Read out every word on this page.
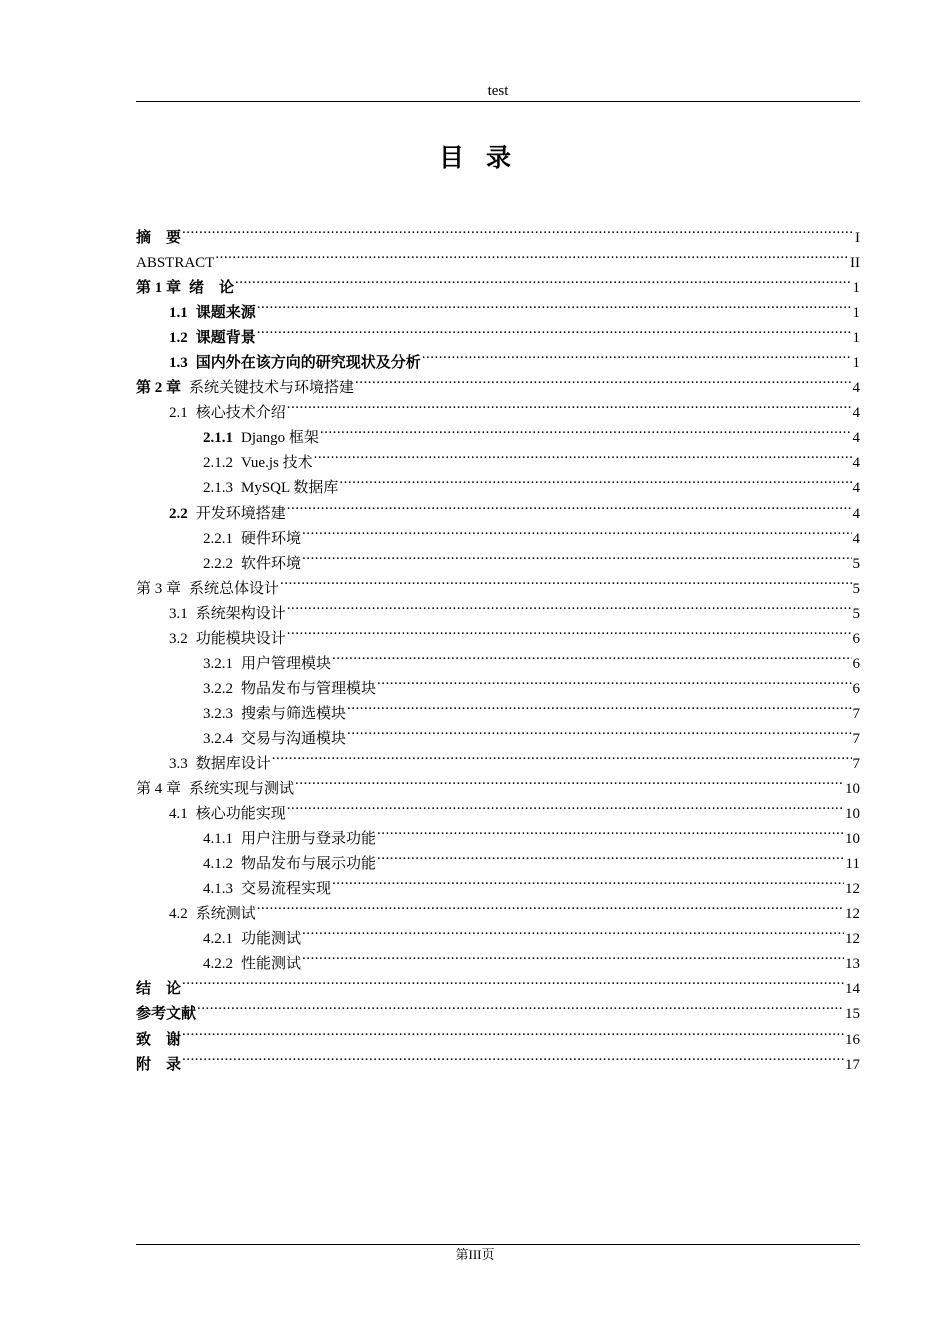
test
目录
摘　要 .....	I
ABSTRACT .....	II
第 1 章 绪　论 .....	1
1.1 课题来源 .....	1
1.2 课题背景 .....	1
1.3 国内外在该方向的研究现状及分析 .....	1
第 2 章 系统关键技术与环境搭建 .....	4
2.1 核心技术介绍 .....	4
2.1.1 Django 框架 .....	4
2.1.2 Vue.js 技术 .....	4
2.1.3 MySQL 数据库 .....	4
2.2 开发环境搭建 .....	4
2.2.1 硬件环境 .....	4
2.2.2 软件环境 .....	5
第 3 章 系统总体设计 .....	5
3.1 系统架构设计 .....	5
3.2 功能模块设计 .....	6
3.2.1 用户管理模块 .....	6
3.2.2 物品发布与管理模块 .....	6
3.2.3 搜索与筛选模块 .....	7
3.2.4 交易与沟通模块 .....	7
3.3 数据库设计 .....	7
第 4 章 系统实现与测试 .....	10
4.1 核心功能实现 .....	10
4.1.1 用户注册与登录功能 .....	10
4.1.2 物品发布与展示功能 .....	11
4.1.3 交易流程实现 .....	12
4.2 系统测试 .....	12
4.2.1 功能测试 .....	12
4.2.2 性能测试 .....	13
结　论 .....	14
参考文献 .....	15
致　谢 .....	16
附　录 .....	17
第III页
